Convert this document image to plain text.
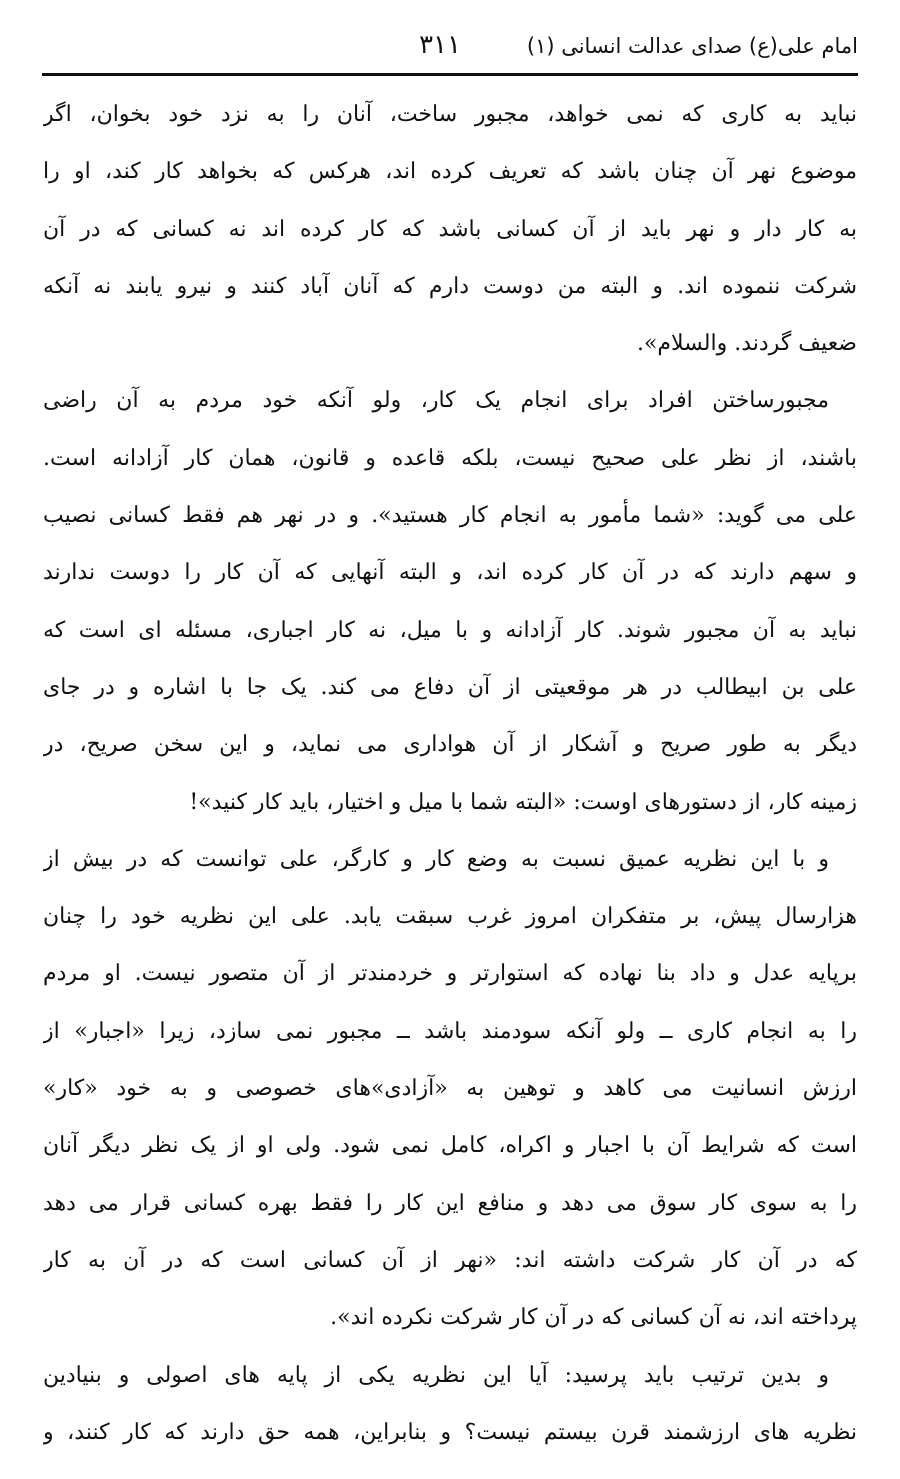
امام علی(ع) صدای عدالت انسانی (۱)
۳۱۱
نباید به کاری که نمی خواهد، مجبور ساخت، آنان را به نزد خود بخوان، اگر
موضوع نهر آن چنان باشد که تعریف کرده اند، هرکس که بخواهد کار کند، او را
به کار دار و نهر باید از آن کسانی باشد که کار کرده اند نه کسانی که در آن
شرکت ننموده اند. و البته من دوست دارم که آنان آباد کنند و نیرو یابند نه آنکه
ضعیف گردند. والسلام».
مجبورساختن افراد برای انجام یک کار، ولو آنکه خود مردم به آن راضی
باشند، از نظر علی صحیح نیست، بلکه قاعده و قانون، همان کار آزادانه است.
علی می گوید: «شما مأمور به انجام کار هستید». و در نهر هم فقط کسانی نصیب
و سهم دارند که در آن کار کرده اند، و البته آنهایی که آن کار را دوست ندارند
نباید به آن مجبور شوند. کار آزادانه و با میل، نه کار اجباری، مسئله ای است که
علی بن ابیطالب در هر موقعیتی از آن دفاع می کند. یک جا با اشاره و در جای
دیگر به طور صریح و آشکار از آن هواداری می نماید، و این سخن صریح، در
زمینه کار، از دستورهای اوست: «البته شما با میل و اختیار، باید کار کنید»!
و با این نظریه عمیق نسبت به وضع کار و کارگر، علی توانست که در بیش از
هزارسال پیش، بر متفکران امروز غرب سبقت یابد. علی این نظریه خود را چنان
برپایه عدل و داد بنا نهاده که استوارتر و خردمندتر از آن متصور نیست. او مردم
را به انجام کاری ــ ولو آنکه سودمند باشد ــ مجبور نمی سازد، زیرا «اجبار» از
ارزش انسانیت می کاهد و توهین به «آزادی»های خصوصی و به خود «کار»
است که شرایط آن با اجبار و اکراه، کامل نمی شود. ولی او از یک نظر دیگر آنان
را به سوی کار سوق می دهد و منافع این کار را فقط بهره کسانی قرار می دهد
که در آن کار شرکت داشته اند: «نهر از آن کسانی است که در آن به کار
پرداخته اند، نه آن کسانی که در آن کار شرکت نکرده اند».
و بدین ترتیب باید پرسید: آیا این نظریه یکی از پایه های اصولی و بنیادین
نظریه های ارزشمند قرن بیستم نیست؟ و بنابراین، همه حق دارند که کار کنند، و
